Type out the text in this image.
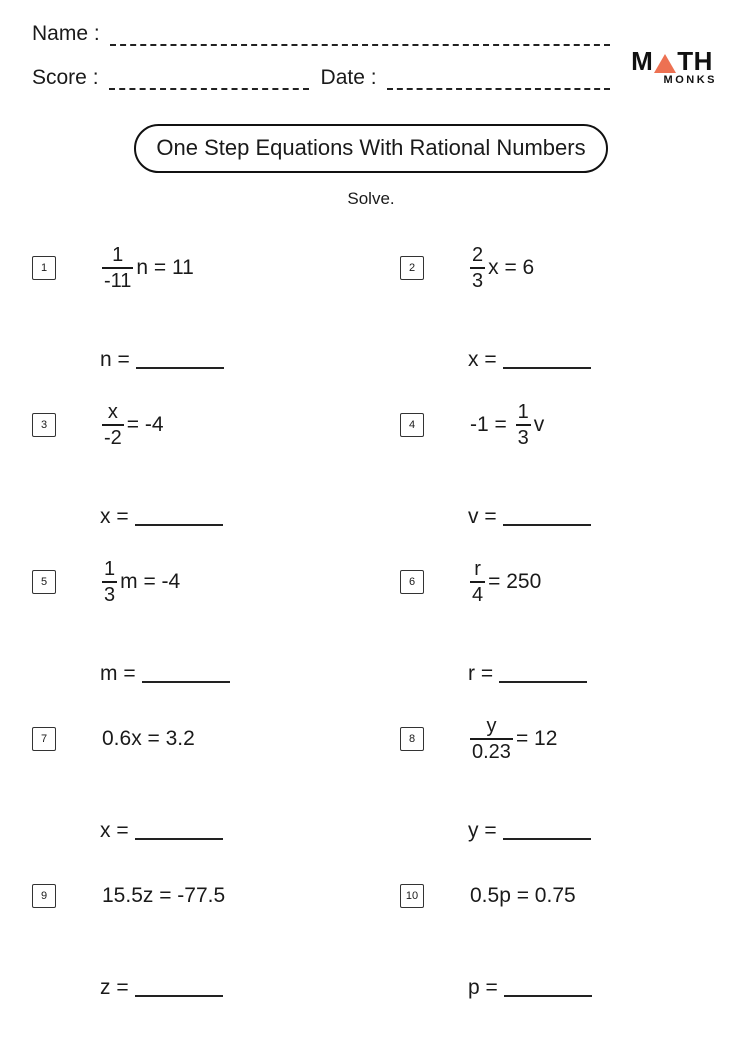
Name :
Score :	Date :
M TH
MONKS
One Step Equations With Rational Numbers
Solve.
1	$\frac{1}{-11}$ n = 11
n =
2	$\frac{2}{3}$ x = 6
x =
3	$\frac{x}{-2} = -4$
x =
4	$-1 = \frac{1}{3}$ v
v =
5	$\frac{1}{3}$ m = -4
m =
6	$\frac{r}{4} = 250$
r =
7	0.6x = 3.2
x =
8	$\frac{y}{0.23} = 12$
y =
9	15.5z = -77.5
z =
10 0.5p = 0.75
p =
